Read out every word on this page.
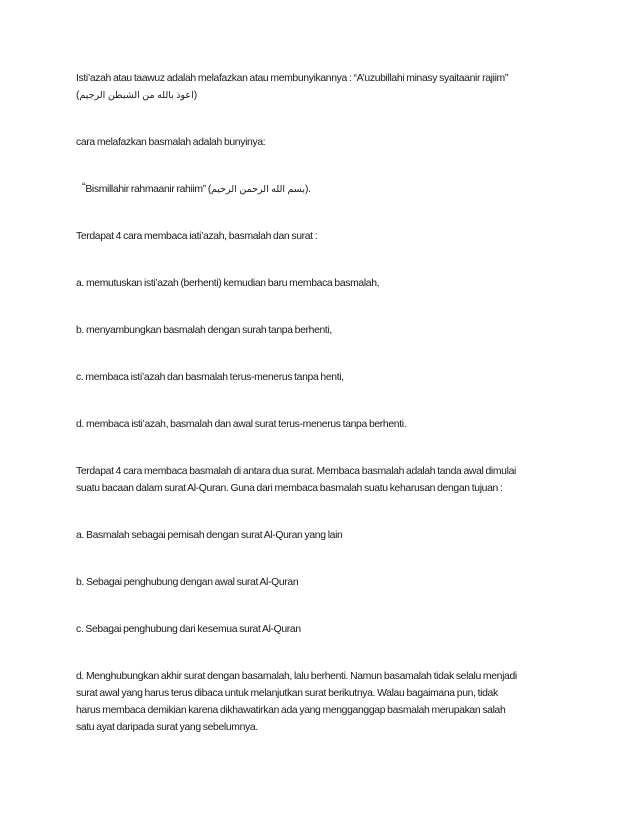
Isti’azah atau taawuz adalah melafazkan atau membunyikannya : “A’uzubillahi minasy syaitaanir rajiim”
(اعوذ بالله من الشيطن الرجيم)
cara melafazkan basmalah adalah bunyinya:
“Bismillahir rahmaanir rahiim” (بسم الله الرحمن الرحيم).
Terdapat 4 cara membaca iati’azah, basmalah dan surat :
a. memutuskan isti’azah (berhenti) kemudian baru membaca basmalah,
b. menyambungkan basmalah dengan surah tanpa berhenti,
c. membaca isti’azah dan basmalah terus-menerus tanpa henti,
d. membaca isti’azah, basmalah dan awal surat terus-menerus tanpa berhenti.
Terdapat 4 cara membaca basmalah di antara dua surat. Membaca basmalah adalah tanda awal dimulai
suatu bacaan dalam surat Al-Quran. Guna dari membaca basmalah suatu keharusan dengan tujuan :
a. Basmalah sebagai pemisah dengan surat Al-Quran yang lain
b. Sebagai penghubung dengan awal surat Al-Quran
c. Sebagai penghubung dari kesemua surat Al-Quran
d. Menghubungkan akhir surat dengan basamalah, lalu berhenti. Namun basamalah tidak selalu menjadi
surat awal yang harus terus dibaca untuk melanjutkan surat berikutnya. Walau bagaimana pun, tidak
harus membaca demikian karena dikhawatirkan ada yang mengganggap basmalah merupakan salah
satu ayat daripada surat yang sebelumnya.
